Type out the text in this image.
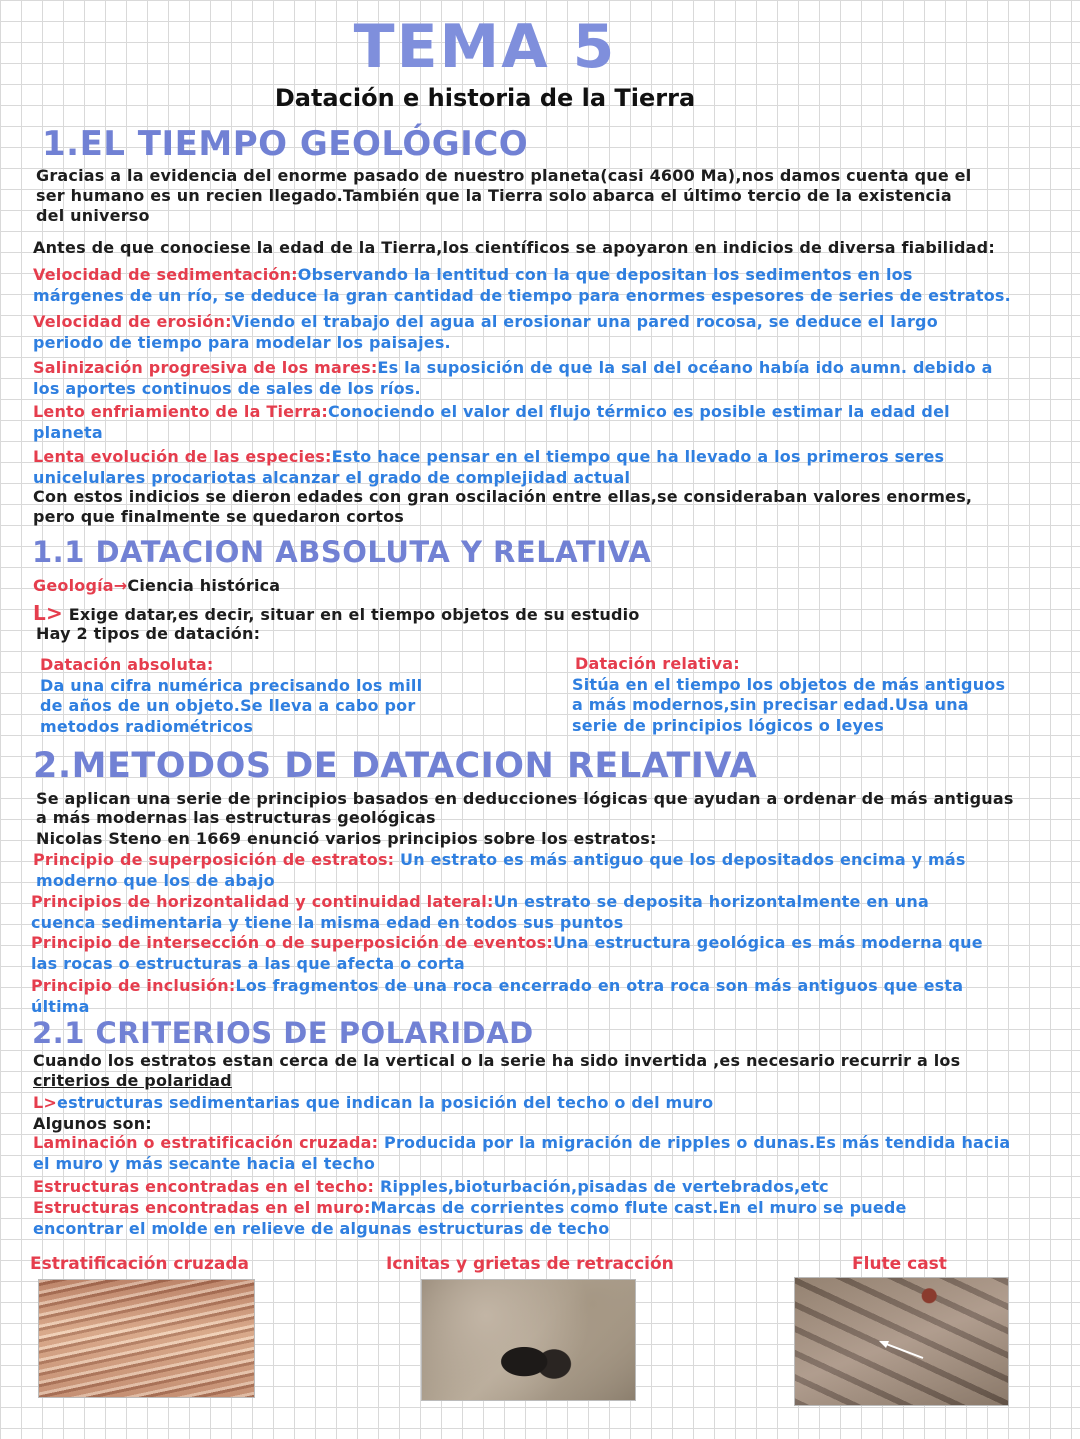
TEMA 5
Datación e historia de la Tierra
1.EL TIEMPO GEOLÓGICO
Gracias a la evidencia del enorme pasado de nuestro planeta(casi 4600 Ma),nos damos cuenta que el
ser humano es un recien llegado.También que la Tierra solo abarca el último tercio de la existencia
del universo
Antes de que conociese la edad de la Tierra,los científicos se apoyaron en indicios de diversa fiabilidad:
Velocidad de sedimentación:Observando la lentitud con la que depositan los sedimentos en los
márgenes de un río, se deduce la gran cantidad de tiempo para enormes espesores de series de estratos.
Velocidad de erosión:Viendo el trabajo del agua al erosionar una pared rocosa, se deduce el largo
periodo de tiempo para modelar los paisajes.
Salinización progresiva de los mares:Es la suposición de que la sal del océano había ido aumn. debido a
los aportes continuos de sales de los ríos.
Lento enfriamiento de la Tierra:Conociendo el valor del flujo térmico es posible estimar la edad del
planeta
Lenta evolución de las especies:Esto hace pensar en el tiempo que ha llevado a los primeros seres
unicelulares procariotas alcanzar el grado de complejidad actual
Con estos indicios se dieron edades con gran oscilación entre ellas,se consideraban valores enormes,
pero que finalmente se quedaron cortos
1.1 DATACION ABSOLUTA Y RELATIVA
Geología→Ciencia histórica
L> Exige datar,es decir, situar en el tiempo objetos de su estudio
Hay 2 tipos de datación:
Datación absoluta:
Da una cifra numérica precisando los mill
de años de un objeto.Se lleva a cabo por
metodos radiométricos
Datación relativa:
Sitúa en el tiempo los objetos de más antiguos
a más modernos,sin precisar edad.Usa una
serie de principios lógicos o leyes
2.METODOS DE DATACION RELATIVA
Se aplican una serie de principios basados en deducciones lógicas que ayudan a ordenar de más antiguas
a más modernas las estructuras geológicas
Nicolas Steno en 1669 enunció varios principios sobre los estratos:
Principio de superposición de estratos: Un estrato es más antiguo que los depositados encima y más
moderno que los de abajo
Principios de horizontalidad y continuidad lateral:Un estrato se deposita horizontalmente en una
cuenca sedimentaria y tiene la misma edad en todos sus puntos
Principio de intersección o de superposición de eventos:Una estructura geológica es más moderna que
las rocas o estructuras a las que afecta o corta
Principio de inclusión:Los fragmentos de una roca encerrado en otra roca son más antiguos que esta
última
2.1 CRITERIOS DE POLARIDAD
Cuando los estratos estan cerca de la vertical o la serie ha sido invertida ,es necesario recurrir a los
criterios de polaridad
L>estructuras sedimentarias que indican la posición del techo o del muro
Algunos son:
Laminación o estratificación cruzada: Producida por la migración de ripples o dunas.Es más tendida hacia
el muro y más secante hacia el techo
Estructuras encontradas en el techo: Ripples,bioturbación,pisadas de vertebrados,etc
Estructuras encontradas en el muro:Marcas de corrientes como flute cast.En el muro se puede
encontrar el molde en relieve de algunas estructuras de techo
Estratificación cruzada	Icnitas y grietas de retracción	Flute cast
